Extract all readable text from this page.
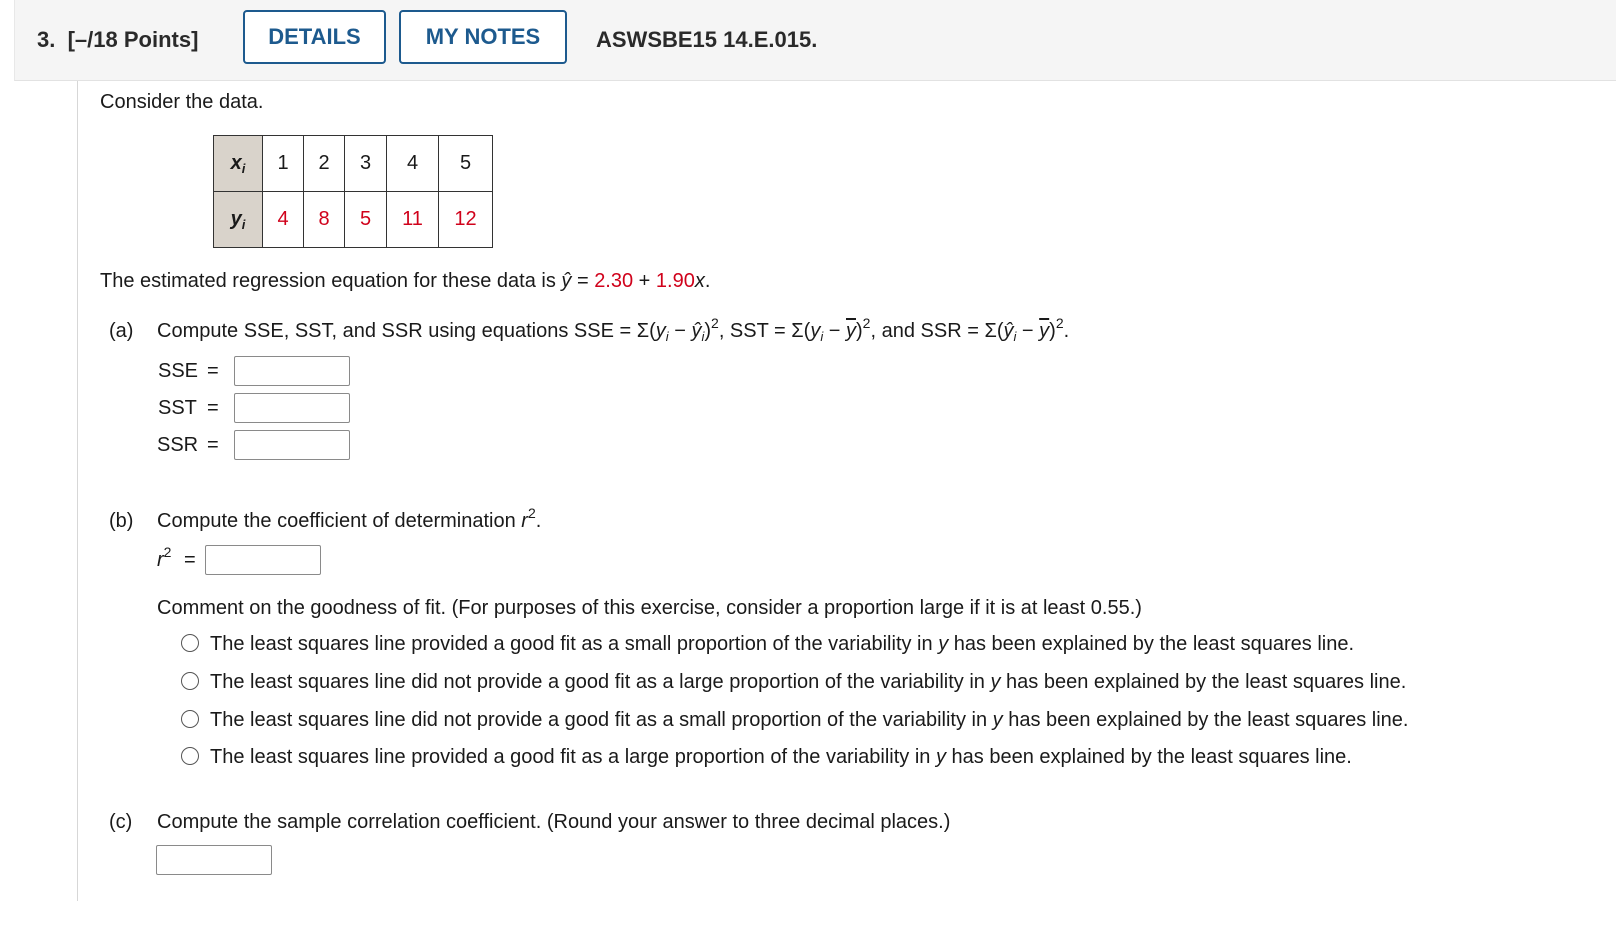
3. [–/18 Points]	DETAILS	MY NOTES	ASWSBE15 14.E.015.
Consider the data.
$x_i$	1	2	3	4	5
$y_i$	4	8	5	11	12
The estimated regression equation for these data is ŷ = 2.30 + 1.90x.
(a) Compute SSE, SST, and SSR using equations SSE = $\Sigma(y_i$ − $ŷ_i)^2$, SST = $\Sigma(y_i - \overline{y})^2$, and SSR = $\Sigma(ŷ_i - \overline{y})^2$.
SSE =
SST =
SSR =
(b) Compute the coefficient of determination $r^2$.
$r^2$ =
Comment on the goodness of fit. (For purposes of this exercise, consider a proportion large if it is at least 0.55.)
The least squares line provided a good fit as a small proportion of the variability in y has been explained by the least squares line.
The least squares line did not provide a good fit as a large proportion of the variability in y has been explained by the least squares line.
The least squares line did not provide a good fit as a small proportion of the variability in y has been explained by the least squares line.
The least squares line provided a good fit as a large proportion of the variability in y has been explained by the least squares line.
(c) Compute the sample correlation coefficient. (Round your answer to three decimal places.)
